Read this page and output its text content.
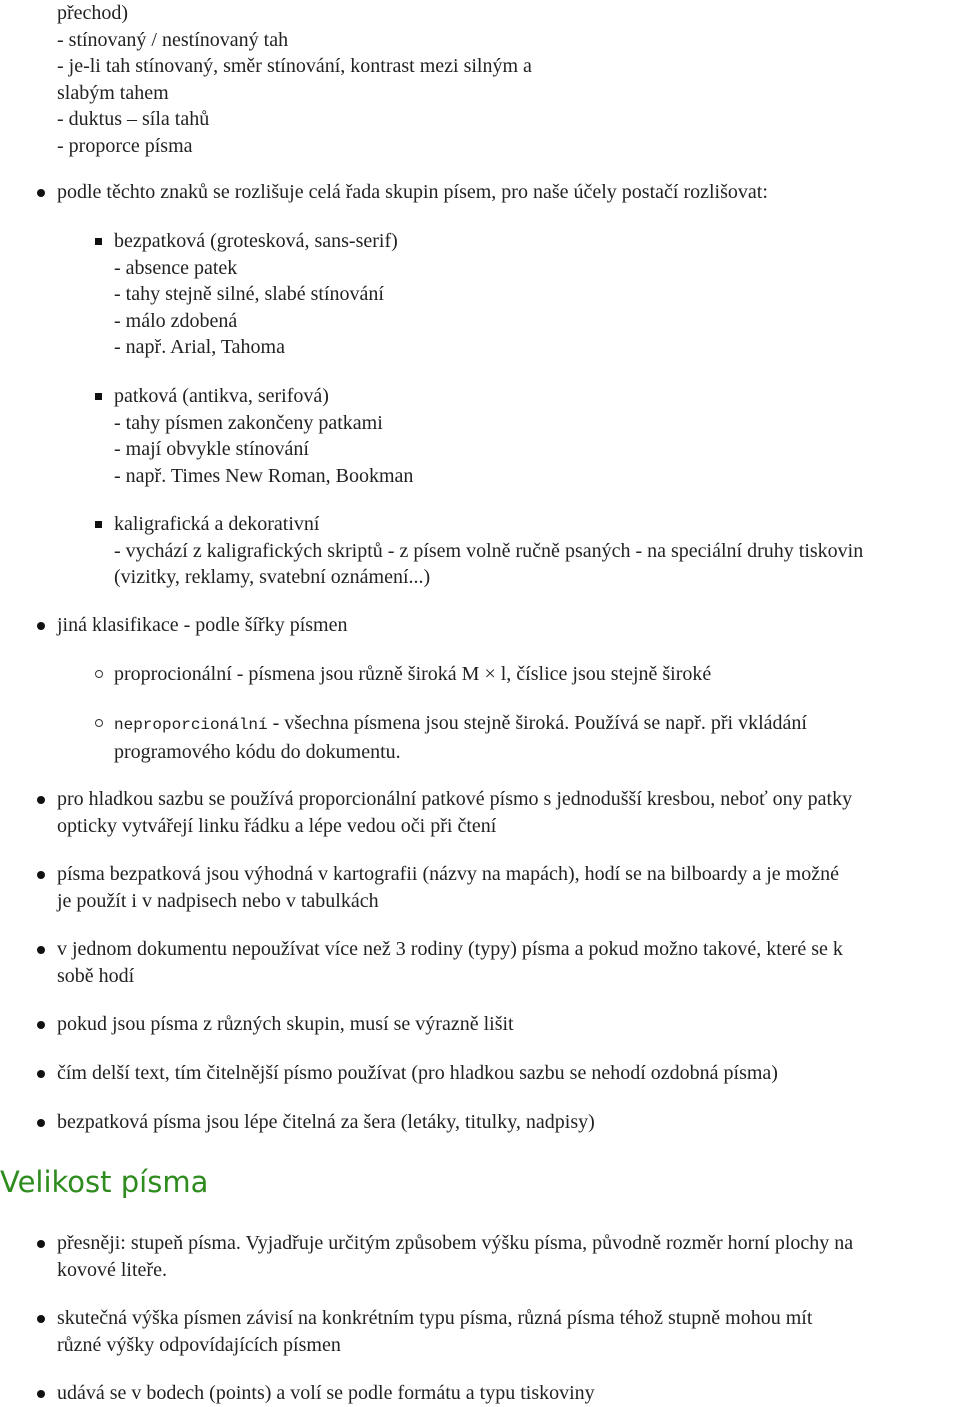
přechod)
- stínovaný / nestínovaný tah
- je-li tah stínovaný, směr stínování, kontrast mezi silným a
slabým tahem
- duktus – síla tahů
- proporce písma
podle těchto znaků se rozlišuje celá řada skupin písem, pro naše účely postačí rozlišovat:
bezpatková (grotesková, sans-serif)
- absence patek
- tahy stejně silné, slabé stínování
- málo zdobená
- např. Arial, Tahoma
patková (antikva, serifová)
- tahy písmen zakončeny patkami
- mají obvykle stínování
- např. Times New Roman, Bookman
kaligrafická a dekorativní
- vychází z kaligrafických skriptů - z písem volně ručně psaných - na speciální druhy tiskovin
(vizitky, reklamy, svatební oznámení...)
jiná klasifikace - podle šířky písmen
proprocionální - písmena jsou různě široká M × l, číslice jsou stejně široké
neproporcionální - všechna písmena jsou stejně široká. Používá se např. při vkládání
programového kódu do dokumentu.
pro hladkou sazbu se používá proporcionální patkové písmo s jednodušší kresbou, neboť ony patky
opticky vytvářejí linku řádku a lépe vedou oči při čtení
písma bezpatková jsou výhodná v kartografii (názvy na mapách), hodí se na bilboardy a je možné
je použít i v nadpisech nebo v tabulkách
v jednom dokumentu nepoužívat více než 3 rodiny (typy) písma a pokud možno takové, které se k
sobě hodí
pokud jsou písma z různých skupin, musí se výrazně lišit
čím delší text, tím čitelnější písmo používat (pro hladkou sazbu se nehodí ozdobná písma)
bezpatková písma jsou lépe čitelná za šera (letáky, titulky, nadpisy)
Velikost písma
přesněji: stupeň písma. Vyjadřuje určitým způsobem výšku písma, původně rozměr horní plochy na
kovové liteře.
skutečná výška písmen závisí na konkrétním typu písma, různá písma téhož stupně mohou mít
různé výšky odpovídajících písmen
udává se v bodech (points) a volí se podle formátu a typu tiskoviny
